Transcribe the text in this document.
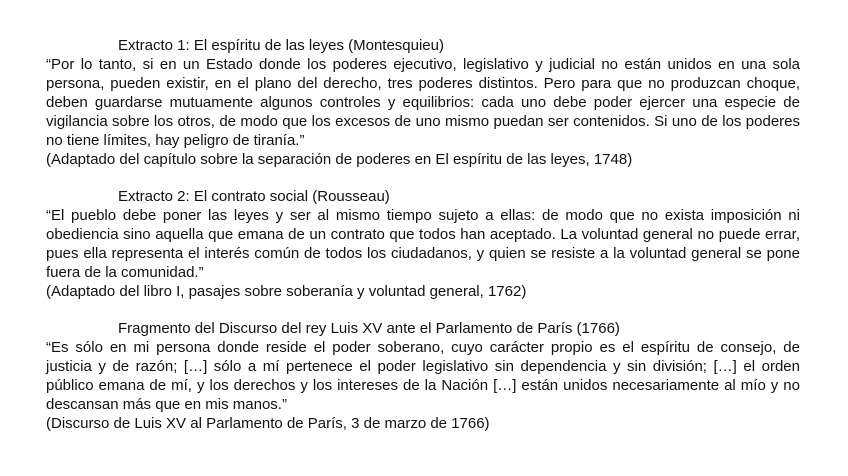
Extracto 1: El espíritu de las leyes (Montesquieu)

“Por lo tanto, si en un Estado donde los poderes ejecutivo, legislativo y judicial no están unidos en una sola persona, pueden existir, en el plano del derecho, tres poderes distintos. Pero para que no produzcan choque, deben guardarse mutuamente algunos controles y equilibrios: cada uno debe poder ejercer una especie de vigilancia sobre los otros, de modo que los excesos de uno mismo puedan ser contenidos. Si uno de los poderes no tiene límites, hay peligro de tiranía.”

(Adaptado del capítulo sobre la separación de poderes en El espíritu de las leyes, 1748)
Extracto 2: El contrato social (Rousseau)

“El pueblo debe poner las leyes y ser al mismo tiempo sujeto a ellas: de modo que no exista imposición ni obediencia sino aquella que emana de un contrato que todos han aceptado. La voluntad general no puede errar, pues ella representa el interés común de todos los ciudadanos, y quien se resiste a la voluntad general se pone fuera de la comunidad.”

(Adaptado del libro I, pasajes sobre soberanía y voluntad general, 1762)
Fragmento del Discurso del rey Luis XV ante el Parlamento de París (1766)

“Es sólo en mi persona donde reside el poder soberano, cuyo carácter propio es el espíritu de consejo, de justicia y de razón; […] sólo a mí pertenece el poder legislativo sin dependencia y sin división; […] el orden público emana de mí, y los derechos y los intereses de la Nación […] están unidos necesariamente al mío y no descansan más que en mis manos.”

(Discurso de Luis XV al Parlamento de París, 3 de marzo de 1766)
